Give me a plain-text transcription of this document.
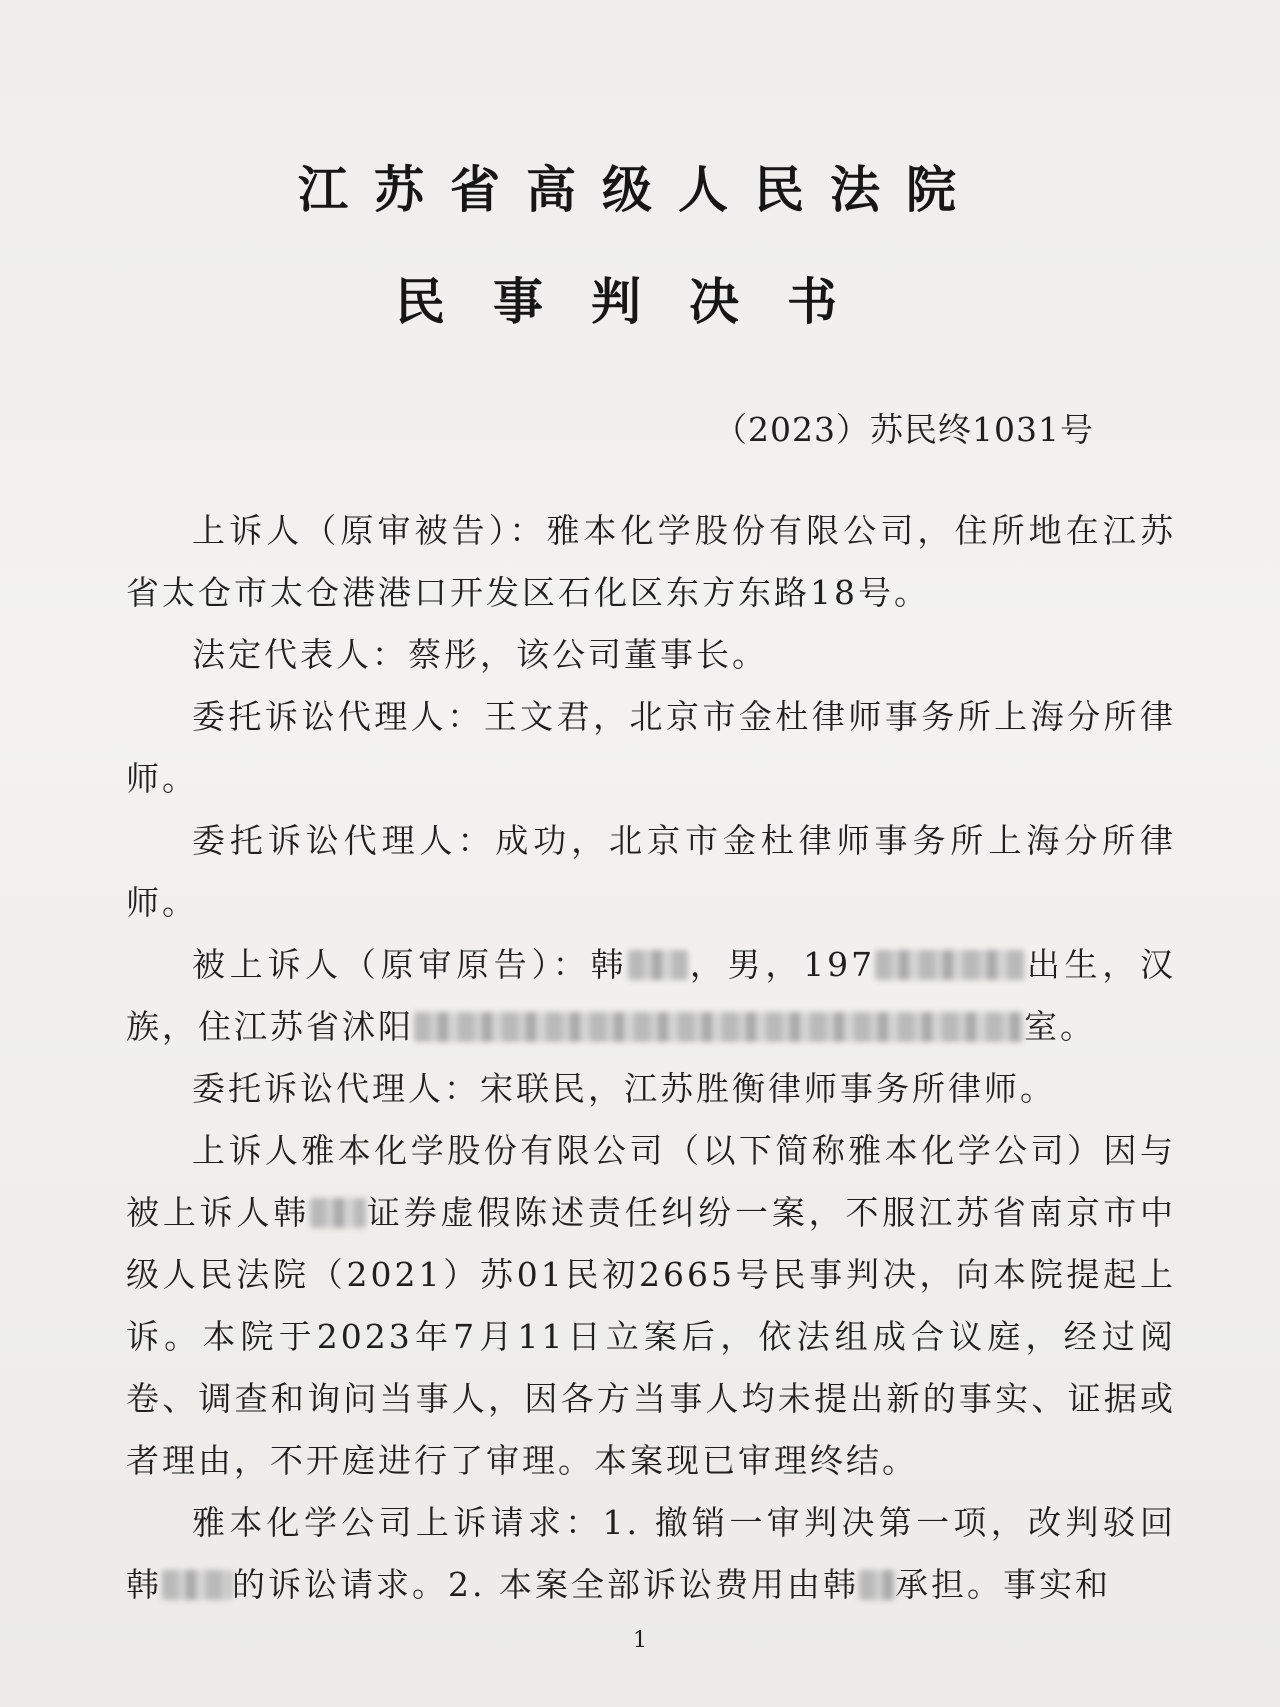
江苏省高级人民法院
民事判决书
（2023）苏民终1031号

上诉人（原审被告）：雅本化学股份有限公司，住所地在江苏省太仓市太仓港港口开发区石化区东方东路18号。

法定代表人：蔡彤，该公司董事长。

委托诉讼代理人：王文君，北京市金杜律师事务所上海分所律师。

委托诉讼代理人：成功，北京市金杜律师事务所上海分所律师。

被上诉人（原审原告）：韩 ，男，197	出生，汉族，住江苏省沭阳	室。

委托诉讼代理人：宋联民，江苏胜衡律师事务所律师。

上诉人雅本化学股份有限公司（以下简称雅本化学公司）因与被上诉人韩 证券虚假陈述责任纠纷一案，不服江苏省南京市中级人民法院（2021）苏01民初2665号民事判决，向本院提起上诉。本院于2023年7月11日立案后，依法组成合议庭，经过阅卷、调查和询问当事人，因各方当事人均未提出新的事实、证据或者理由，不开庭进行了审理。本案现已审理终结。

雅本化学公司上诉请求：1. 撤销一审判决第一项，改判驳回韩 的诉讼请求。2. 本案全部诉讼费用由韩 承担。事实和

1
